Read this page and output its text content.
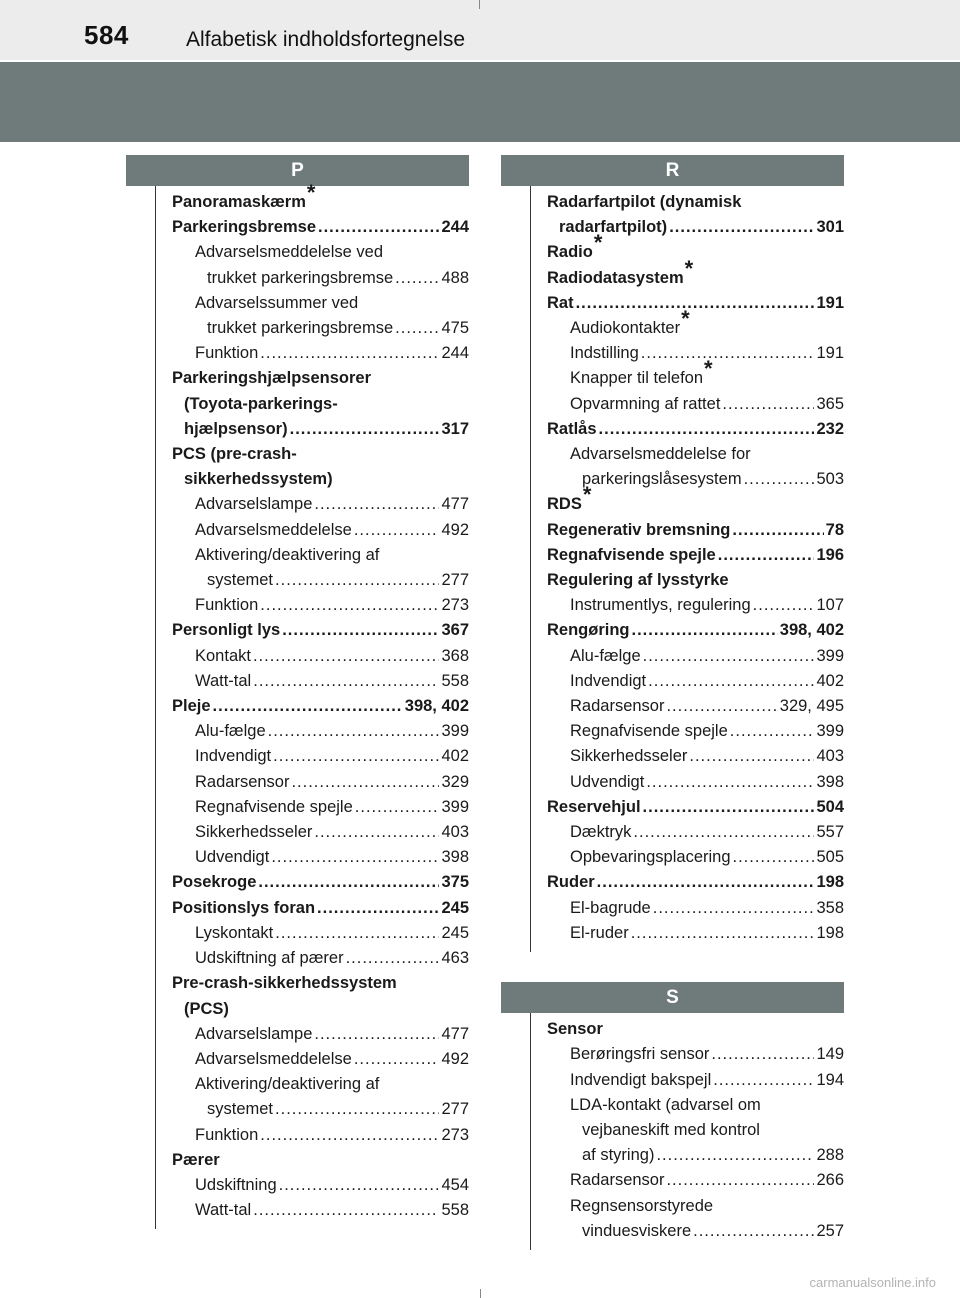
584	Alfabetisk indholdsfortegnelse
P
Panoramaskærm*
Parkeringsbremse .....	244
Advarselsmeddelelse ved
trukket parkeringsbremse .....	488
Advarselssummer ved
trukket parkeringsbremse .....	475
Funktion .....	244
Parkeringshjælpsensorer
(Toyota-parkerings-
hjælpsensor) .....	317
PCS (pre-crash-
sikkerhedssystem)
Advarselslampe .....	477
Advarselsmeddelelse .....	492
Aktivering/deaktivering af
systemet .....	277
Funktion .....	273
Personligt lys .....	367
Kontakt .....	368
Watt-tal .....	558
Pleje .....	398, 402
Alu-fælge .....	399
Indvendigt .....	402
Radarsensor .....	329
Regnafvisende spejle .....	399
Sikkerhedsseler .....	403
Udvendigt .....	398
Posekroge .....	375
Positionslys foran .....	245
Lyskontakt .....	245
Udskiftning af pærer .....	463
Pre-crash-sikkerhedssystem
(PCS)
Advarselslampe .....	477
Advarselsmeddelelse .....	492
Aktivering/deaktivering af
systemet .....	277
Funktion .....	273
Pærer
Udskiftning .....	454
Watt-tal .....	558
R
Radarfartpilot (dynamisk
radarfartpilot) .....	301
Radio*
Radiodatasystem*
Rat .....	191
Audiokontakter*
Indstilling .....	191
Knapper til telefon*
Opvarmning af rattet .....	365
Ratlås .....	232
Advarselsmeddelelse for
parkeringslåsesystem .....	503
RDS*
Regenerativ bremsning .....	78
Regnafvisende spejle .....	196
Regulering af lysstyrke
Instrumentlys, regulering .....	107
Rengøring .....	398, 402
Alu-fælge .....	399
Indvendigt .....	402
Radarsensor .....	329, 495
Regnafvisende spejle .....	399
Sikkerhedsseler .....	403
Udvendigt .....	398
Reservehjul .....	504
Dæktryk .....	557
Opbevaringsplacering .....	505
Ruder .....	198
El-bagrude .....	358
El-ruder .....	198
S
Sensor
Berøringsfri sensor .....	149
Indvendigt bakspejl .....	194
LDA-kontakt (advarsel om
vejbaneskift med kontrol
af styring) .....	288
Radarsensor .....	266
Regnsensorstyrede
vinduesviskere .....	257
carmanualsonline.info
